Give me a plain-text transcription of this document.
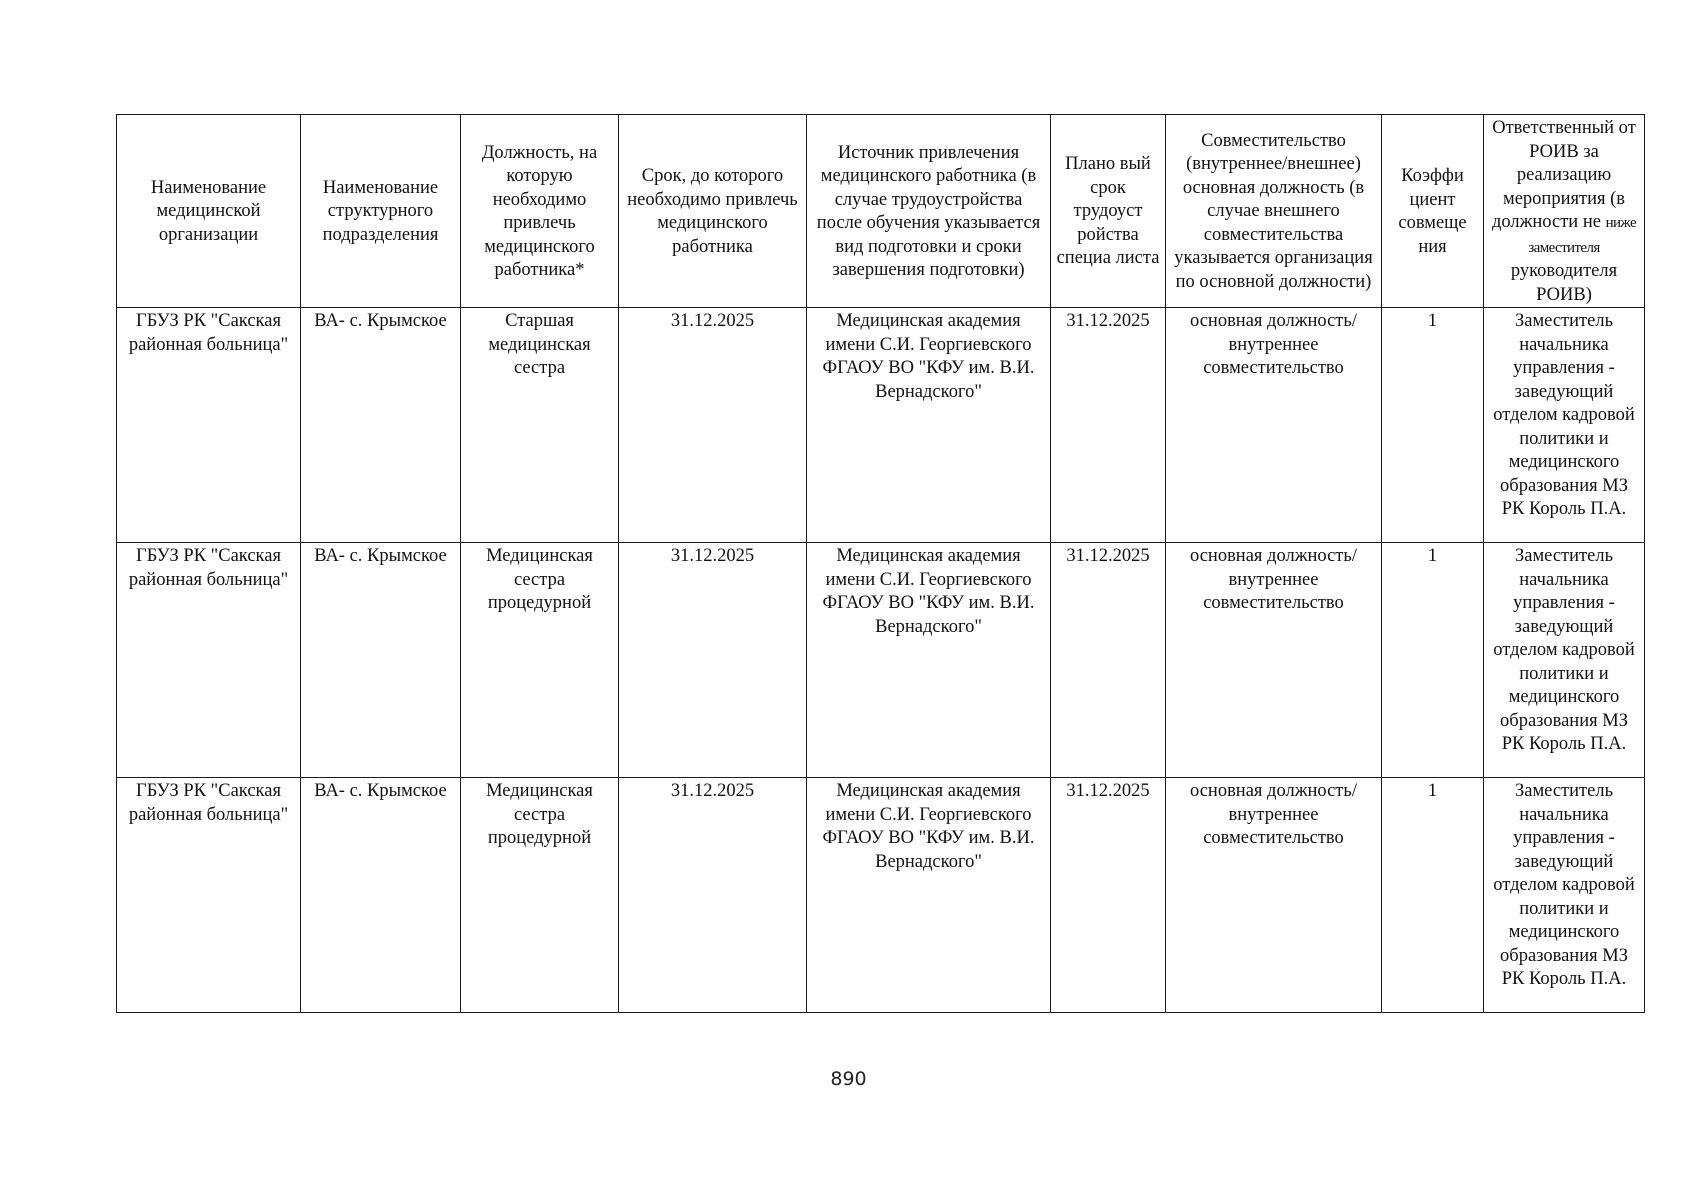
Наименование медицинской организации	Наименование структурного подразделения	Должность, на которую необходимо привлечь медицинского работника*	Срок, до которого необходимо привлечь медицинского работника	Источник привлечения медицинского работника (в случае трудоустройства после обучения указывается вид подготовки и сроки завершения подготовки)	Плано вый срок трудоуст ройства специа листа	Совместительство (внутреннее/внешнее) основная должность (в случае внешнего совместительства указывается организация по основной должности)	Коэффи циент совмеще ния	Ответственный от РОИВ за реализацию мероприятия (в должности не ниже заместителя руководителя РОИВ)
ГБУЗ РК "Сакская районная больница"	ВА- с. Крымское	Старшая медицинская сестра	31.12.2025	Медицинская академия имени С.И. Георгиевского ФГАОУ ВО "КФУ им. В.И. Вернадского"	31.12.2025	основная должность/ внутреннее совместительство	1	Заместитель начальника управления - заведующий отделом кадровой политики и медицинского образования МЗ РК Король П.А.
ГБУЗ РК "Сакская районная больница"	ВА- с. Крымское	Медицинская сестра процедурной	31.12.2025	Медицинская академия имени С.И. Георгиевского ФГАОУ ВО "КФУ им. В.И. Вернадского"	31.12.2025	основная должность/ внутреннее совместительство	1	Заместитель начальника управления - заведующий отделом кадровой политики и медицинского образования МЗ РК Король П.А.
ГБУЗ РК "Сакская районная больница"	ВА- с. Крымское	Медицинская сестра процедурной	31.12.2025	Медицинская академия имени С.И. Георгиевского ФГАОУ ВО "КФУ им. В.И. Вернадского"	31.12.2025	основная должность/ внутреннее совместительство	1	Заместитель начальника управления - заведующий отделом кадровой политики и медицинского образования МЗ РК Король П.А.
890
